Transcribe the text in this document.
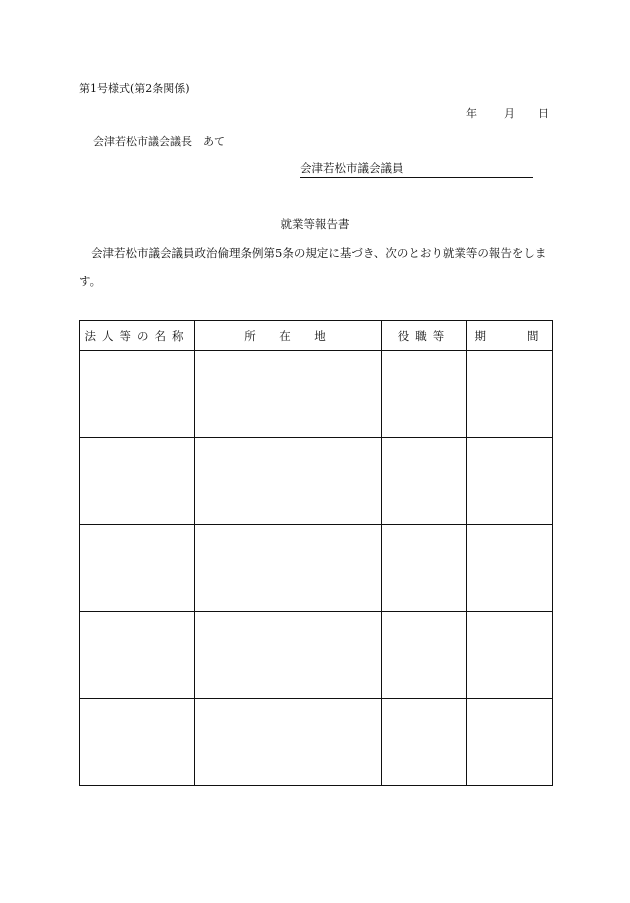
第1号様式(第2条関係)
年 月 日
会津若松市議会議長　あて
会津若松市議会議員
就業等報告書
会津若松市議会議員政治倫理条例第5条の規定に基づき、次のとおり就業等の報告をします。
法人等の名称	所　在　地	役職等	期　　間
